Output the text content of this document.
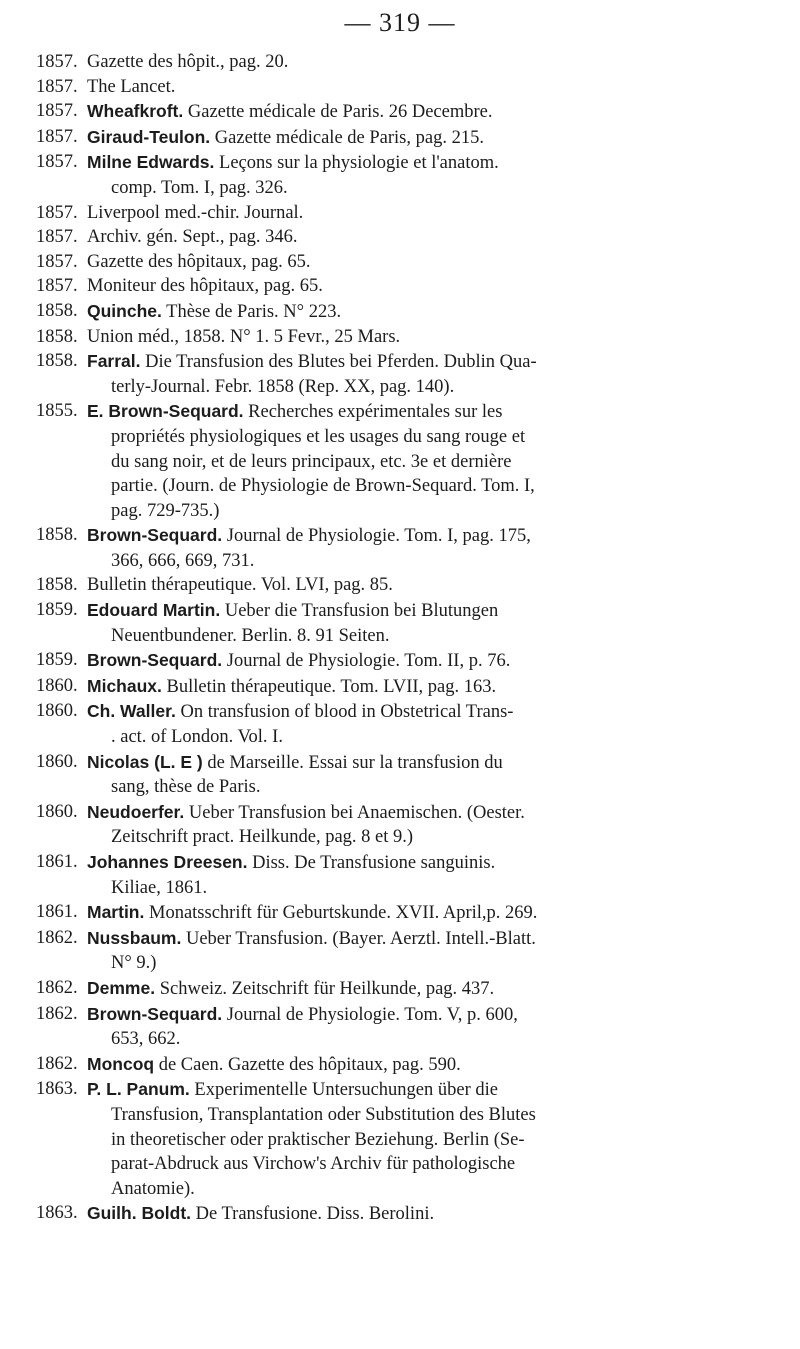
— 319 —
1857. Gazette des hôpit., pag. 20.
1857. The Lancet.
1857. Wheafkroft. Gazette médicale de Paris. 26 Decembre.
1857. Giraud-Teulon. Gazette médicale de Paris, pag. 215.
1857. Milne Edwards. Leçons sur la physiologie et l'anatom.
comp. Tom. I, pag. 326.
1857. Liverpool med.-chir. Journal.
1857. Archiv. gén. Sept., pag. 346.
1857. Gazette des hôpitaux, pag. 65.
1857. Moniteur des hôpitaux, pag. 65.
1858. Quinche. Thèse de Paris. N° 223.
1858. Union méd., 1858. N° 1. 5 Fevr., 25 Mars.
1858. Farral. Die Transfusion des Blutes bei Pferden. Dublin Qua-
terly-Journal. Febr. 1858 (Rep. XX, pag. 140).
1855. E. Brown-Sequard. Recherches expérimentales sur les
propriétés physiologiques et les usages du sang rouge et
du sang noir, et de leurs principaux, etc. 3e et dernière
partie. (Journ. de Physiologie de Brown-Sequard. Tom. I,
pag. 729-735.)
1858. Brown-Sequard. Journal de Physiologie. Tom. I, pag. 175,
366, 666, 669, 731.
1858. Bulletin thérapeutique. Vol. LVI, pag. 85.
1859. Edouard Martin. Ueber die Transfusion bei Blutungen
Neuentbundener. Berlin. 8. 91 Seiten.
1859. Brown-Sequard. Journal de Physiologie. Tom. II, p. 76.
1860. Michaux. Bulletin thérapeutique. Tom. LVII, pag. 163.
1860. Ch. Waller. On transfusion of blood in Obstetrical Trans-
. act. of London. Vol. I.
1860. Nicolas (L. E ) de Marseille. Essai sur la transfusion du
sang, thèse de Paris.
1860. Neudoerfer. Ueber Transfusion bei Anaemischen. (Oester.
Zeitschrift pract. Heilkunde, pag. 8 et 9.)
1861. Johannes Dreesen. Diss. De Transfusione sanguinis.
Kiliae, 1861.
1861. Martin. Monatsschrift für Geburtskunde. XVII. April,p. 269.
1862. Nussbaum. Ueber Transfusion. (Bayer. Aerztl. Intell.-Blatt.
N° 9.)
1862. Demme. Schweiz. Zeitschrift für Heilkunde, pag. 437.
1862. Brown-Sequard. Journal de Physiologie. Tom. V, p. 600,
653, 662.
1862. Moncoq de Caen. Gazette des hôpitaux, pag. 590.
1863. P. L. Panum. Experimentelle Untersuchungen über die
Transfusion, Transplantation oder Substitution des Blutes
in theoretischer oder praktischer Beziehung. Berlin (Se-
parat-Abdruck aus Virchow's Archiv für pathologische
Anatomie).
1863. Guilh. Boldt. De Transfusione. Diss. Berolini.
